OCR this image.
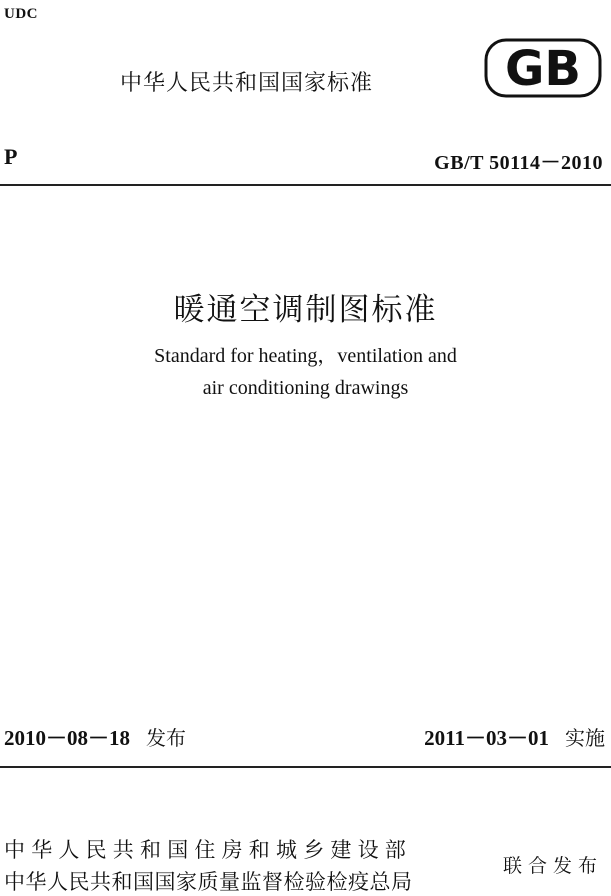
UDC
中华人民共和国国家标准	GB
P	GB/T 50114－2010
暖通空调制图标准
Standard for heating，ventilation and
air conditioning drawings
2010－08－18 发布	2011－03－01 实施
中华人民共和国住房和城乡建设部
中华人民共和国国家质量监督检验检疫总局
联合发布
